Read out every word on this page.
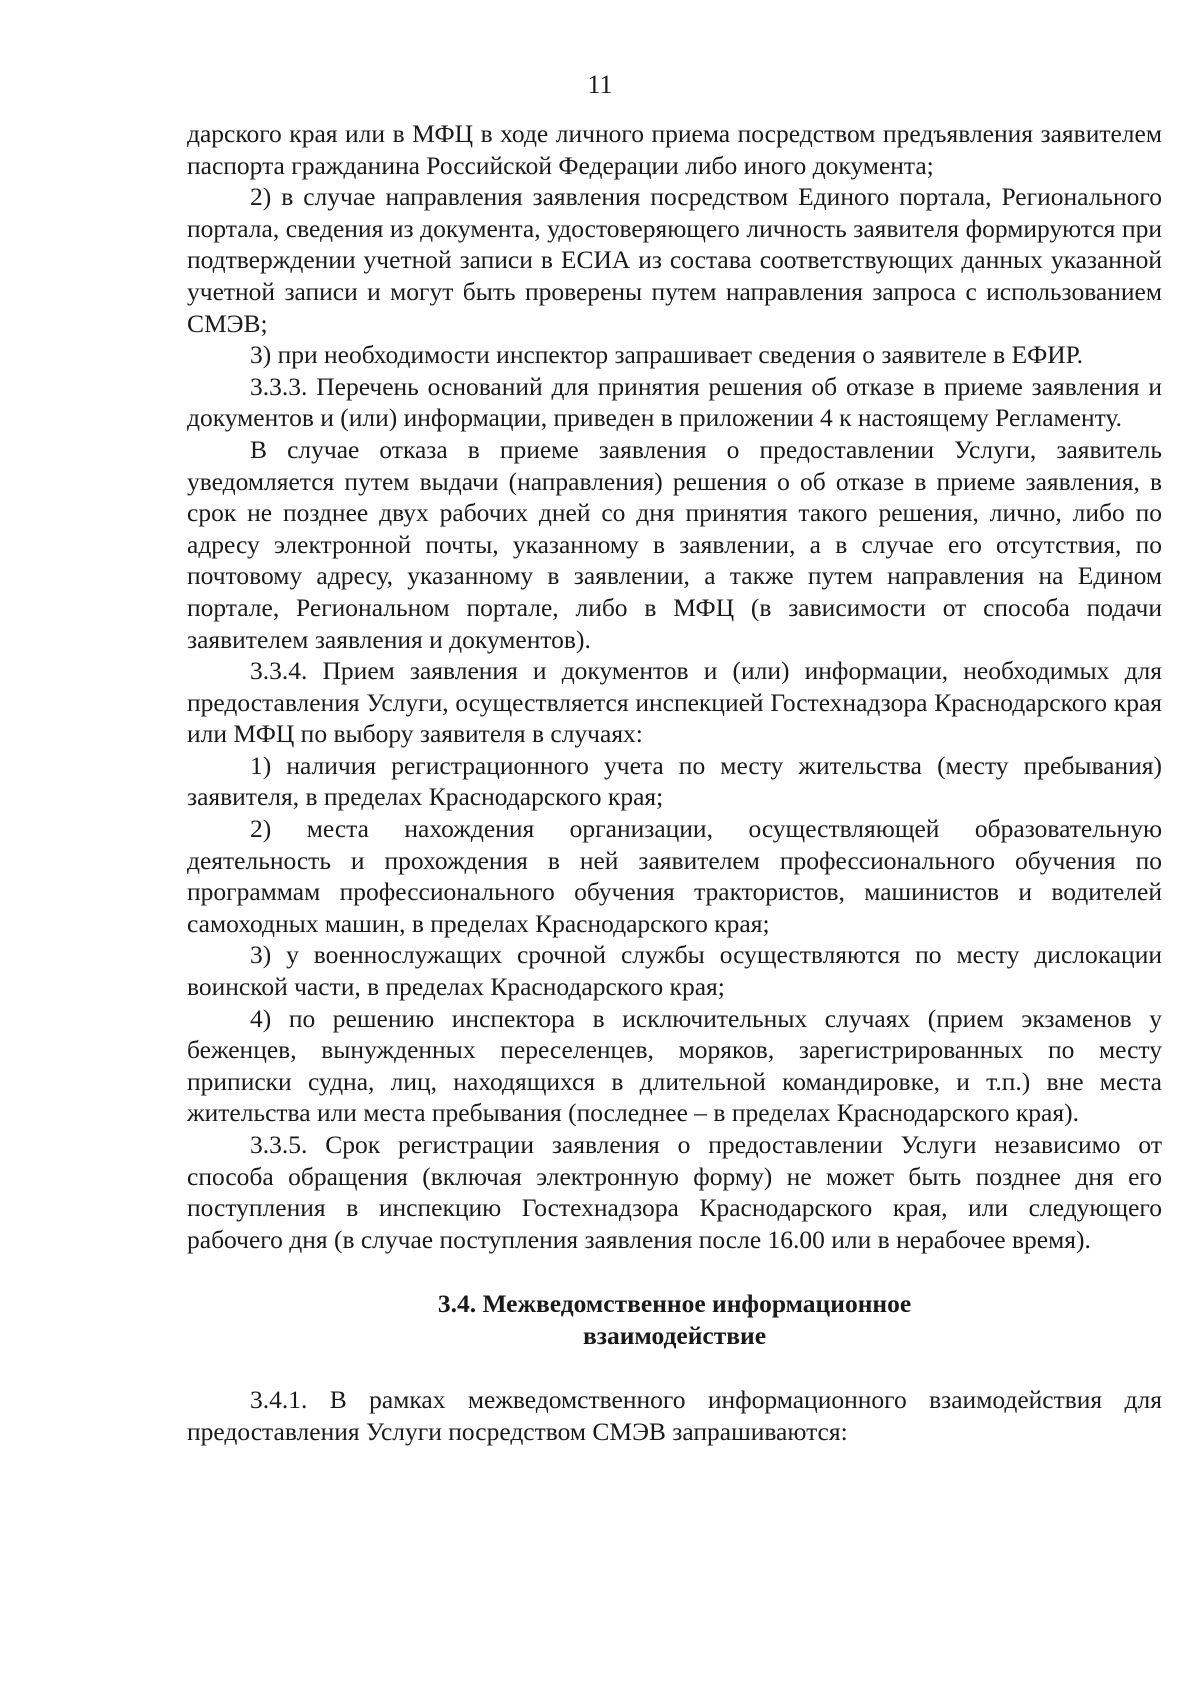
11

дарского края или в МФЦ в ходе личного приема посредством предъявления заявителем паспорта гражданина Российской Федерации либо иного документа;

2) в случае направления заявления посредством Единого портала, Регионального портала, сведения из документа, удостоверяющего личность заявителя формируются при подтверждении учетной записи в ЕСИА из состава соответствующих данных указанной учетной записи и могут быть проверены путем направления запроса с использованием СМЭВ;

3) при необходимости инспектор запрашивает сведения о заявителе в ЕФИР.

3.3.3. Перечень оснований для принятия решения об отказе в приеме заявления и документов и (или) информации, приведен в приложении 4 к настоящему Регламенту.

В случае отказа в приеме заявления о предоставлении Услуги, заявитель уведомляется путем выдачи (направления) решения о об отказе в приеме заявления, в срок не позднее двух рабочих дней со дня принятия такого решения, лично, либо по адресу электронной почты, указанному в заявлении, а в случае его отсутствия, по почтовому адресу, указанному в заявлении, а также путем направления на Едином портале, Региональном портале, либо в МФЦ (в зависимости от способа подачи заявителем заявления и документов).

3.3.4. Прием заявления и документов и (или) информации, необходимых для предоставления Услуги, осуществляется инспекцией Гостехнадзора Краснодарского края или МФЦ по выбору заявителя в случаях:

1) наличия регистрационного учета по месту жительства (месту пребывания) заявителя, в пределах Краснодарского края;

2) места нахождения организации, осуществляющей образовательную деятельность и прохождения в ней заявителем профессионального обучения по программам профессионального обучения трактористов, машинистов и водителей самоходных машин, в пределах Краснодарского края;

3) у военнослужащих срочной службы осуществляются по месту дислокации воинской части, в пределах Краснодарского края;

4) по решению инспектора в исключительных случаях (прием экзаменов у беженцев, вынужденных переселенцев, моряков, зарегистрированных по месту приписки судна, лиц, находящихся в длительной командировке, и т.п.) вне места жительства или места пребывания (последнее – в пределах Краснодарского края).

3.3.5. Срок регистрации заявления о предоставлении Услуги независимо от способа обращения (включая электронную форму) не может быть позднее дня его поступления в инспекцию Гостехнадзора Краснодарского края, или следующего рабочего дня (в случае поступления заявления после 16.00 или в нерабочее время).

3.4. Межведомственное информационное
взаимодействие

3.4.1. В рамках межведомственного информационного взаимодействия для предоставления Услуги посредством СМЭВ запрашиваются:
